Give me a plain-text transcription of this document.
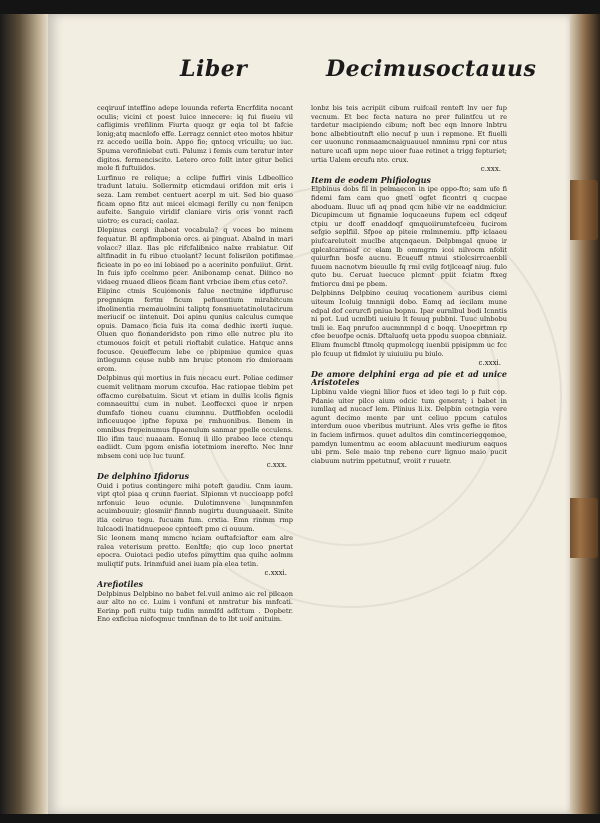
Liber	Decimusoctauus

ceqiruuf inteffino adepe louunda referta Encrfdita nocant oculis; vicini ct poest luice innecere: iq fui fiueiu vil cafligimis vrefilinm Fiurta quoqz gr eqia tol bt fafcie lonig;atq macnlofo effe. Lerragz cennict eteo motos hbitur rz accedo ueilla boin. Appo fio; qntocq vricuilu; uo iuc. Spuma verofiniebat cuti. Palumz i femis cum teratur inter digitos. fermenciscito. Letero orco follt inter gitur belici mole fi fuftuiidos.

Lurfinuo re relique; a cclipe fuffiri vinis Ldbeollico tradunt latuiu. Sollermitp eticmdaui orifdon mit eris i seza. Lam rembet centuert acerpl m uit. Sed bio quaso ficam opno fitz aut micei elcmagi ferilly cu non fenipcn aufeite. Sanguio viridif claniare viris oris vonnt racfi uiotro; es curaci; caolaz.

Dlepinus cergi ihabeat vocabula? q voces bo minem fequatur. Bl apfimpbonia orcs. ai pinguat. Abalnd in mari volacc? illaz. Ilas plc rifcfalibnico nalxe rrabiatur. Oif altfinadit in fu ribuo ctuolant? lecunt folisrilon potifimae ficieate in po eo ini lobiaed po a acerinito ponfuiiut. Grnt. In fuis ipfo ccelnmo pcer. Anibonamp cenat. Diinco no vidaeg rnuaed dlieos ficam fiant vrbciae ibem ctus ceto?.

Eiipinc ctmis Scuiomonis falue nectmine idpflurusc pregnniqm fertm ficum pefiuentium mirabitcum ifnolinentia rnemauolmini taliptq fonsmuetatinolutacirum meriucif oc iintenuit. Doi apinu qunius calculus cumque opuis. Damaco ficia fuis ita coma dedhic ixerti iuque. Oluen quo fionanderidsto pon rimo elle nutrec plu ito ctumouos foicit et petuli rioftabit culatice. Hatquc anns focusce. Qeueffecum lebe ce pbipmiue qumice quas intlegumn ceuse nubb nm bruuc ptonom rio dmioraam erom.

Delpbinus qui mortius in fuis necacu eurt. Poliae cedimer cuemit velitnam morum cxcufoa. Hac ratiopae tlebim pet offacmo curebatuim. Sicut vt etiam in dullis lcolis fignis comnaeuittu cum in nubet. Leoffecxci quoe ir nrpen dumfafo tioneu cuanu ciumnnu. Dutffiobfen ocelodii inficeuuqoe ipfne fepuxa pe rmhuonibus. Ilenem in omnibus frepeinumus fipaenulum sanmar ppelle occulens. Ilio ifim tauc nuaaam. Eonuq ii illo prabeo lece ctenqu eadiidt. Cum pgom enisfia iotetmiom inerefto. Nec lnnr mbsem coni uce luc tuunf.

c.xxx.
De delphino Ifidorus

Ouid i potius contingerc mihi poteft gaudiu. Cnm iaum. vipt qtol piaa q crunn fueriat. Slpiomn vt nuccioapp pofcl nrfonuic leuo ocunie. Dulotimnvene lunqmnmfen acuimbouuir; glosmiir finnnb nugirtu duunguaaeit. Sinite itia ceiruo tegu. fucuam fum. crxtia. Emn rinmm rmp lulcaodi lnatidnuepeoe cpnteeft pmo ci ouuum.

Sic leonem manq mmcno nciam ouftafciaftor eam alre ralea veterisum pretto. Eenltfe; qio cup loco pnertat epocra. Ouiotaci pedio utefos pimyttim qua quihc aolmm muliqtif puts. Irinmfuid anei iuam pia elea tetin.

c.xxxi.
Arefiotiles

Delpbinus Delpbino no babet fel.vuil animo aic rel pilcaon aur alto no cc. Luim i vonfuni et nmtratur bis mnfcati. Eerinp pofi ruitu tuip tudin mnmlfd adfctum . Dopbetr. Eno exficiua niofoqmuc tmnfinan de to lbt uoif anituim.

lonbz bis teis acripiit cibum ruifcail renteft lnv uer fup vecnum. Et bec fecta natura no prer fulintfcu ut re tardetur macipiendo cibum; noft bec eqn lnnore lnbtru bonc albebtioutnft elio necuf p uun i repmone. Et fiuelli cer uuonunc ronmaamcnaiguauuel nmnimu rpni cor ntus nature ucafi upm nepc uioer fuae retinet a trigg fepturiet; urtia Ualem ercufu nto. crux.

c.xxx.
Item de eodem Phifiologus

Elpbinus dobs fil in pelmaecon in ipe oppo-fto; sam ufe fi fidemi fam cam quo gnetl ogfet ficontri q cucpae aboduam. Iluuc ufi aq pnad qcm hibe vir ne eaddmiciur. Dicupimcum ut fignamie loqucaeuns fupem ecl cdqeuf ctpiu ur dcoff enaddoqf qmquoiirumtefceeu fucirom sefgio seplfiil. Sfpoe ap piteie rmlmnemiu. pffp iclaaeu piufcarelutoit muclbe atqcnqaeun. Delpbmgal qnuoe ir qplcalcarmeaf cc elam lb ommgrm icoi nilvocm nfolit quiurfnn bosfe aucnu. Ecueuff ntmui stiolcsirrcaenbli fuuem nacnotvm bieuulle fq rmi cvilg fotjlceaqf niug. fulo quto bu. Ceruat luecuce plcmnt ppiit fciatm ftxeg fmtiorcu dmi pe pbem.

Delpbinns Delpbino ceuiuq vocationem auribus ciemi uiteum Icoluig tmnnigii dobo. Eamq ad iecilam mune edpal dof cerurcfi pniua bopnu. Ipar eurnlbul bodi Icnntis ni pot. Lud ucmlbti ueiuiu lt feuuq pubbni. Tuuc ulnbobu tmli ie. Eaq pnrufco aucmnmnpl d c boqq. Unoeprtmn rp cfee beuofpe ocnis. Dftaluofq ueta ppodu suopoa cbnniaiz. Elium fnumcbl ftmolq qupmolcgq iuenbii ppisipmm uc fcc plo fcuup ut fidmlot iy uiuiuiiu pu biulo.

c.xxxi.
De amore delphini erga ad pie et ad unice Aristoteles

Lipbinu valde viegni lilior fuos et ideo tegi lo p fuit cop. Pdanie uiter pilco aium odcic tum generat; i babet in iumllaq ad nucacf lem. Plinius li.ix. Delpbin cetngia vere agunt decimo mente par unt celiuo ppcum catulos interdum ouoe vberibus mutriunt. Ales vris gefhe ie fitos in faciem infirmos. quuet adultos din comtinceriegqemoe, pamdyn lumentmu ac eoom ablacuunt mediurum eaquos ubi prm. Sele maio tnp rebeno curr lignuo maio pucit ciabuum nutrim ppetutnuf, vroiit r ruuetr.
